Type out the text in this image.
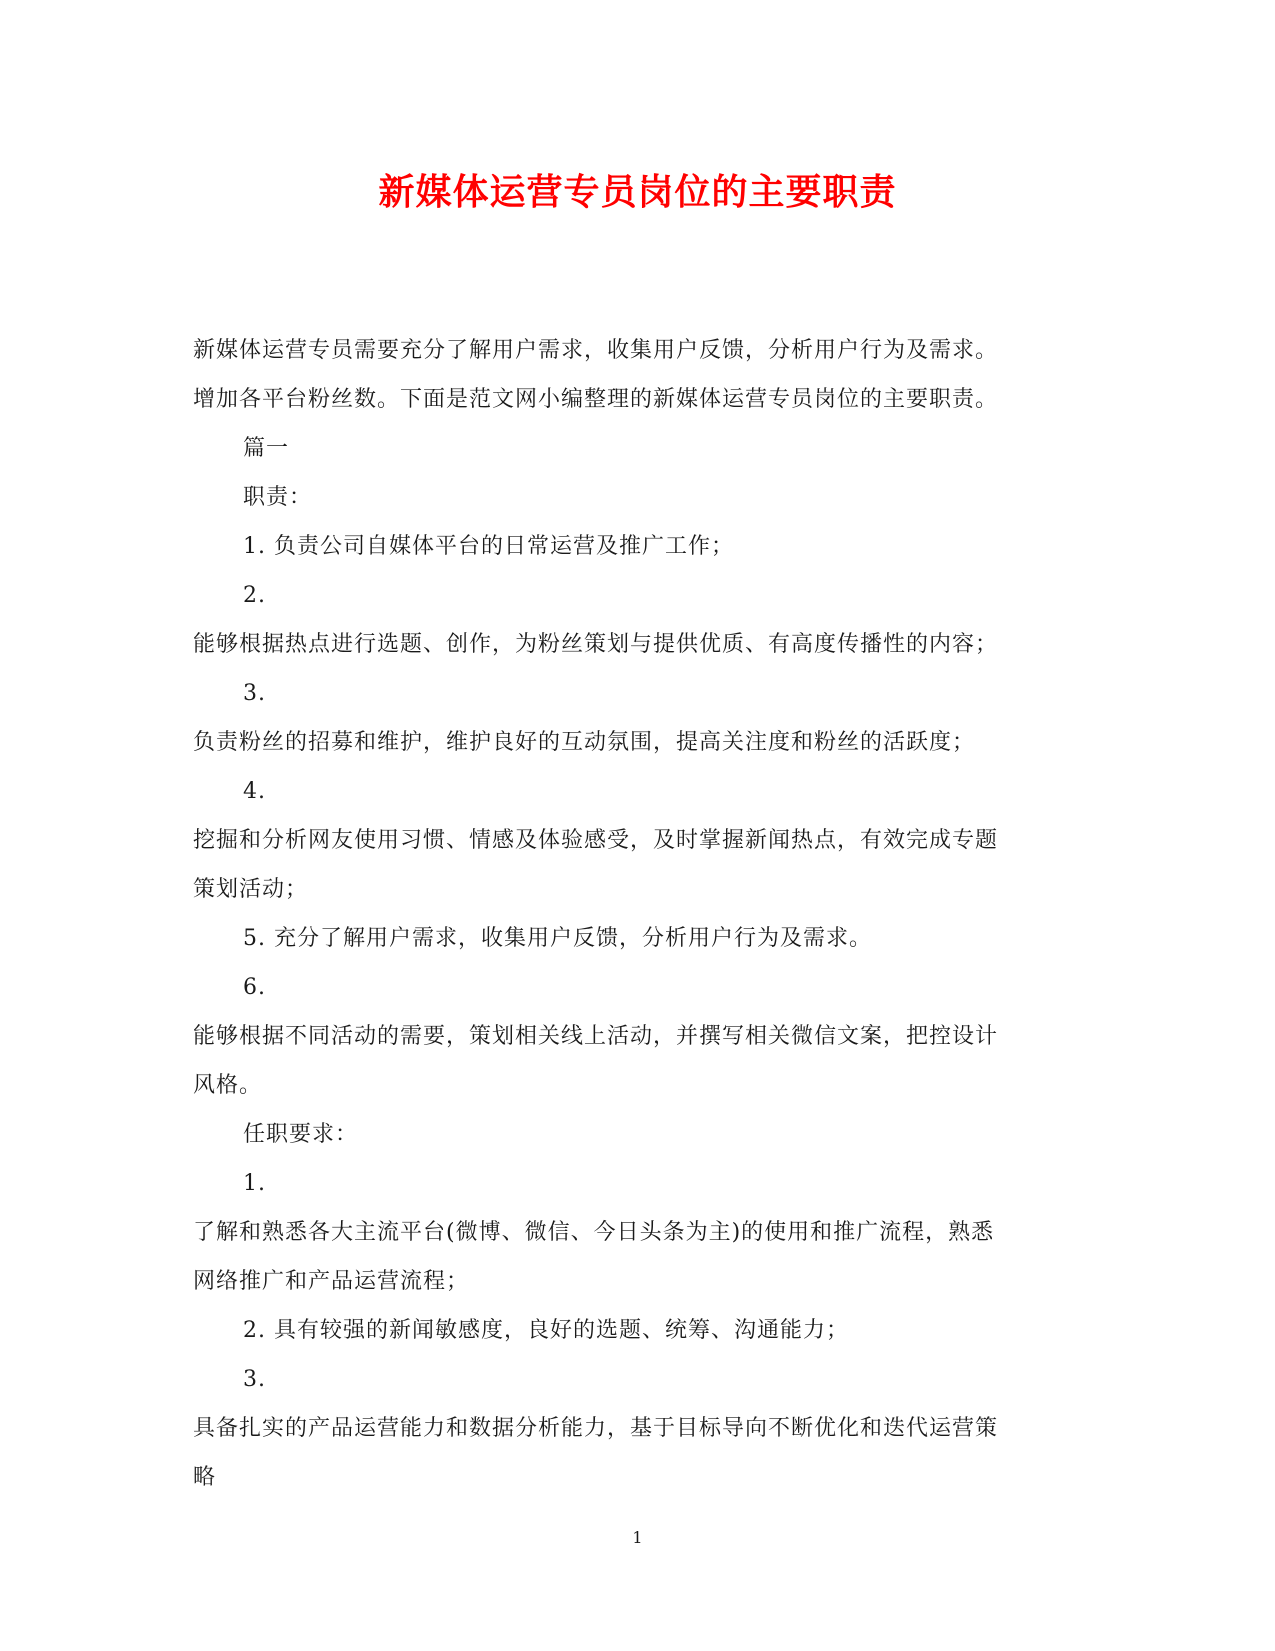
新媒体运营专员岗位的主要职责

新媒体运营专员需要充分了解用户需求，收集用户反馈，分析用户行为及需求。

增加各平台粉丝数。下面是范文网小编整理的新媒体运营专员岗位的主要职责。

篇一

职责：

1. 负责公司自媒体平台的日常运营及推广工作；

2.

能够根据热点进行选题、创作，为粉丝策划与提供优质、有高度传播性的内容；

3.

负责粉丝的招募和维护，维护良好的互动氛围，提高关注度和粉丝的活跃度；

4.

挖掘和分析网友使用习惯、情感及体验感受，及时掌握新闻热点，有效完成专题

策划活动；

5. 充分了解用户需求，收集用户反馈，分析用户行为及需求。

6.

能够根据不同活动的需要，策划相关线上活动，并撰写相关微信文案，把控设计

风格。

任职要求：

1.

了解和熟悉各大主流平台(微博、微信、今日头条为主)的使用和推广流程，熟悉

网络推广和产品运营流程；

2. 具有较强的新闻敏感度，良好的选题、统筹、沟通能力；

3.

具备扎实的产品运营能力和数据分析能力，基于目标导向不断优化和迭代运营策

略

1
